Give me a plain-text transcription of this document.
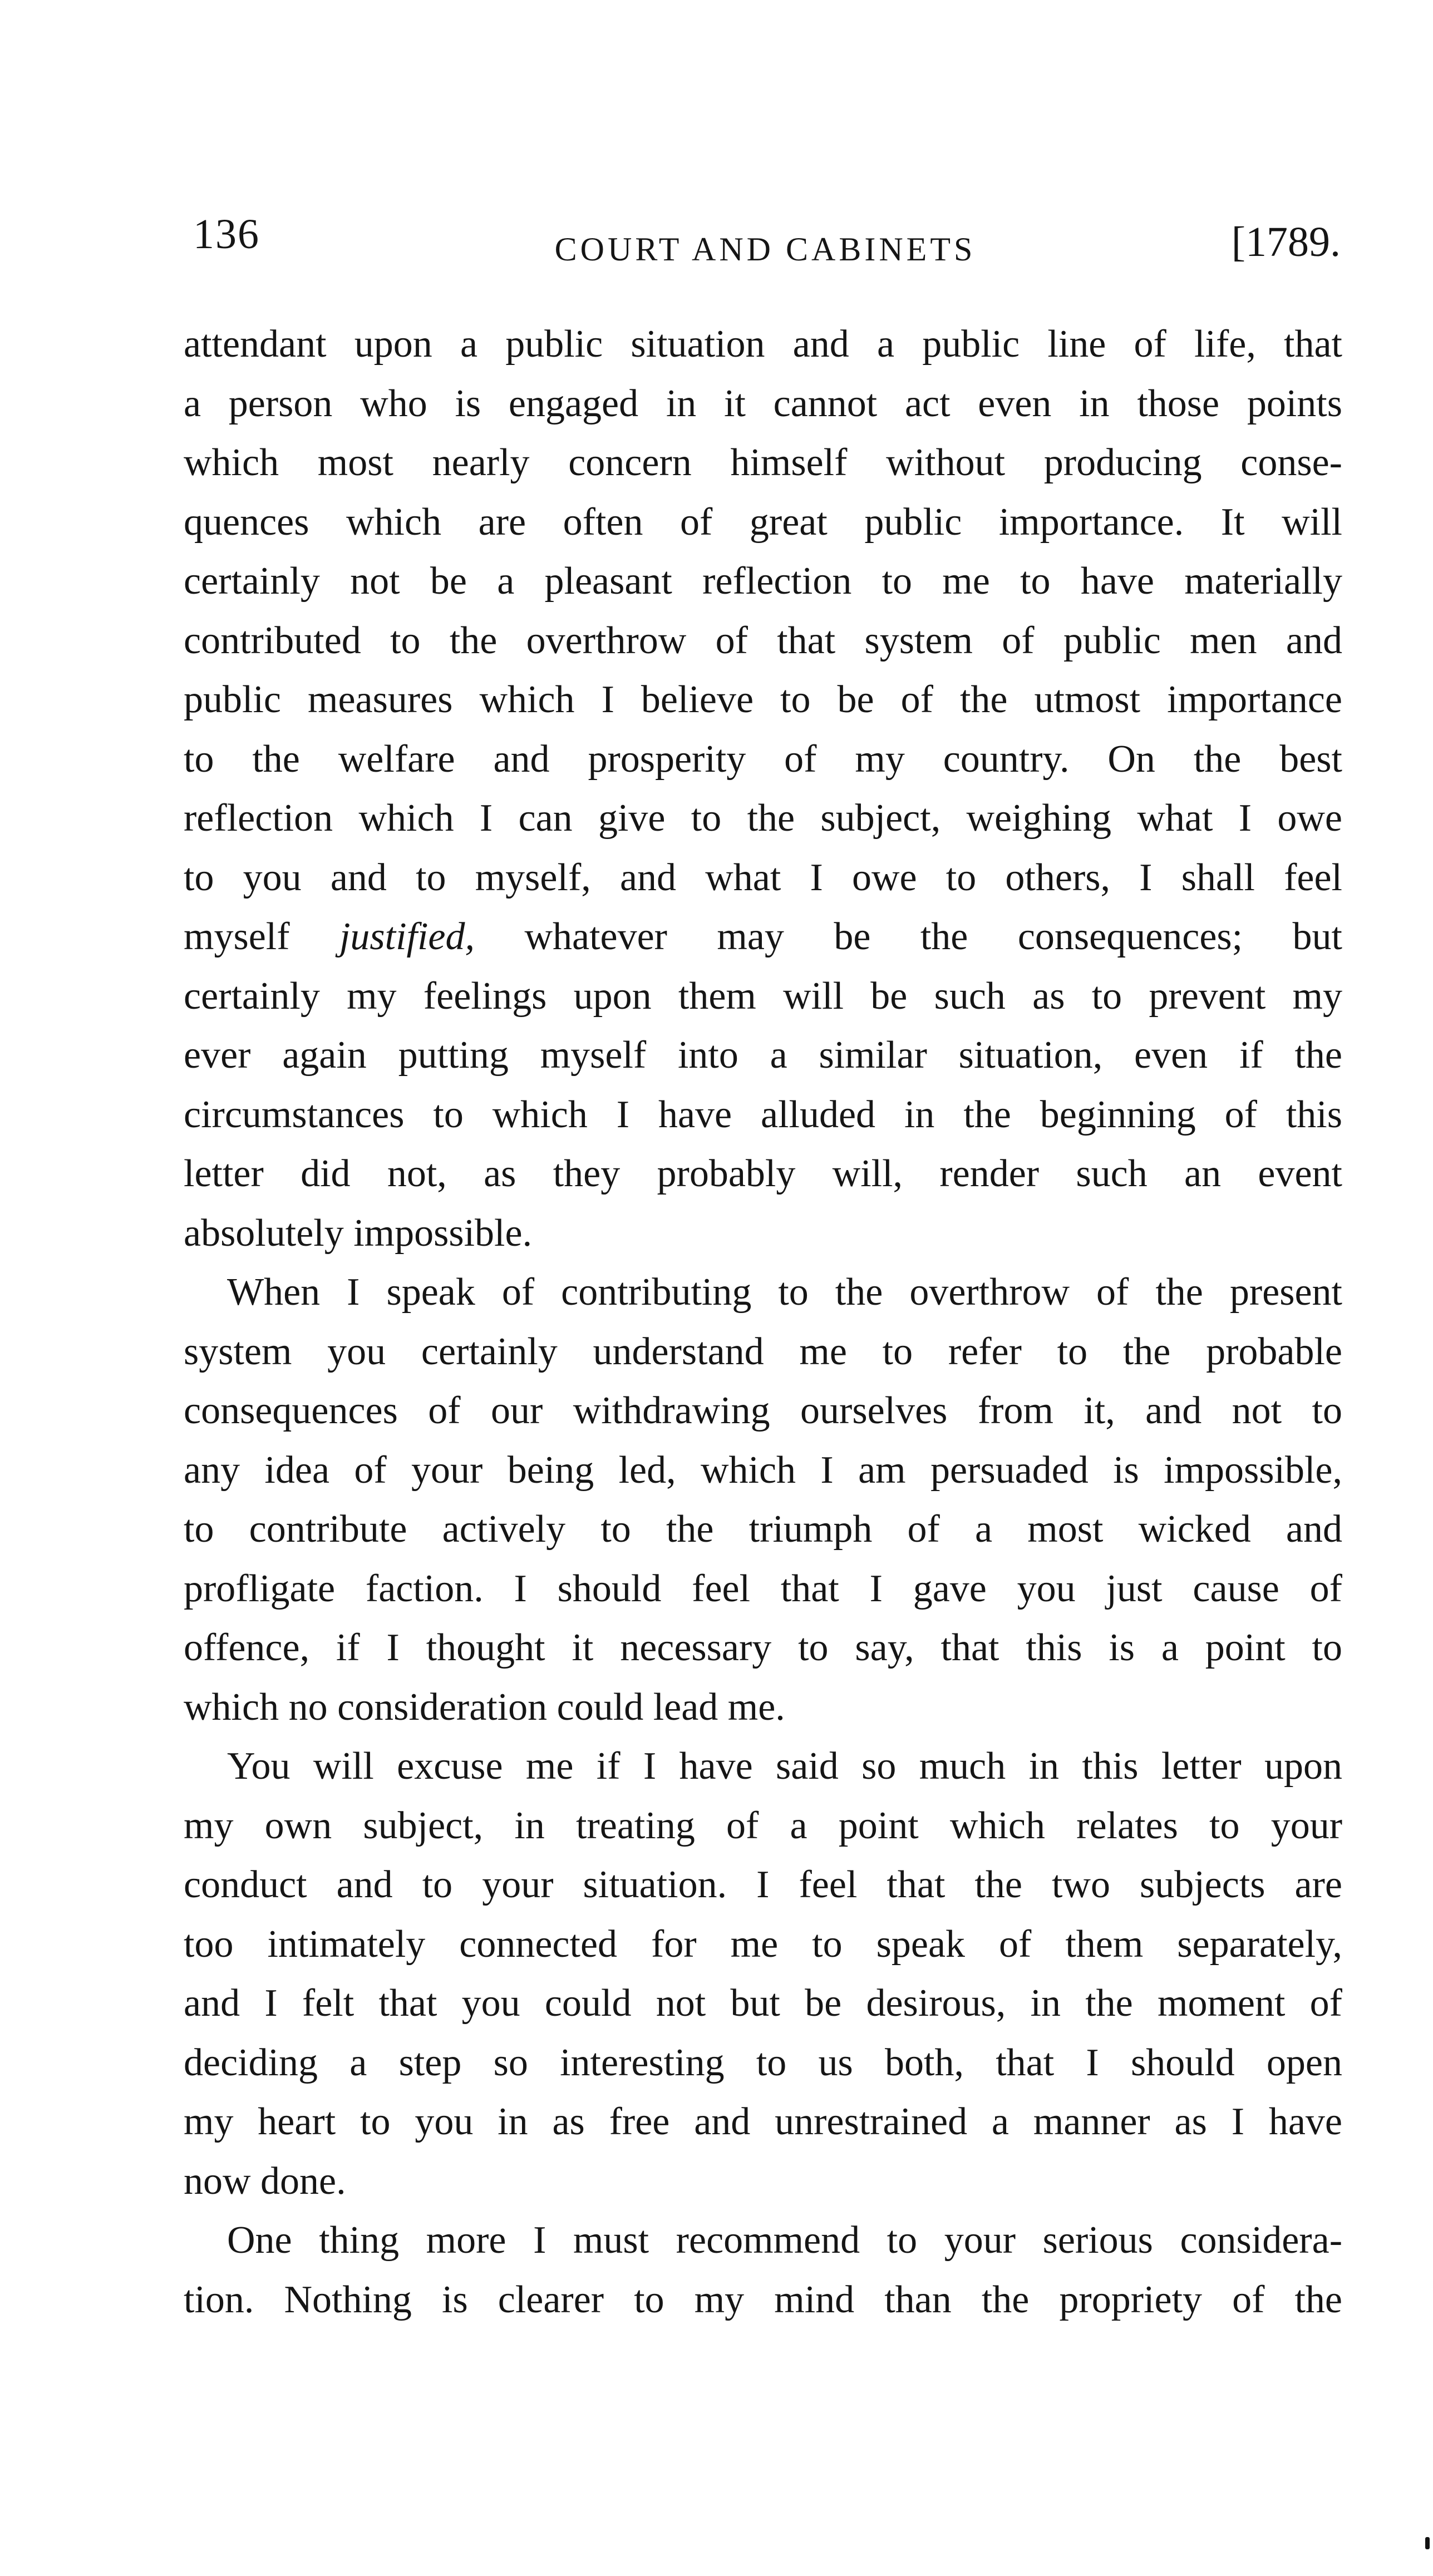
136	COURT AND CABINETS	[1789.
attendant upon a public situation and a public line of life, that
a person who is engaged in it cannot act even in those points
which most nearly concern himself without producing conse-
quences which are often of great public importance. It will
certainly not be a pleasant reflection to me to have materially
contributed to the overthrow of that system of public men and
public measures which I believe to be of the utmost importance
to the welfare and prosperity of my country. On the best
reflection which I can give to the subject, weighing what I owe
to you and to myself, and what I owe to others, I shall feel
myself justified, whatever may be the consequences; but
certainly my feelings upon them will be such as to prevent my
ever again putting myself into a similar situation, even if the
circumstances to which I have alluded in the beginning of this
letter did not, as they probably will, render such an event
absolutely impossible.
When I speak of contributing to the overthrow of the present
system you certainly understand me to refer to the probable
consequences of our withdrawing ourselves from it, and not to
any idea of your being led, which I am persuaded is impossible,
to contribute actively to the triumph of a most wicked and
profligate faction. I should feel that I gave you just cause of
offence, if I thought it necessary to say, that this is a point to
which no consideration could lead me.
You will excuse me if I have said so much in this letter upon
my own subject, in treating of a point which relates to your
conduct and to your situation. I feel that the two subjects are
too intimately connected for me to speak of them separately,
and I felt that you could not but be desirous, in the moment of
deciding a step so interesting to us both, that I should open
my heart to you in as free and unrestrained a manner as I have
now done.
One thing more I must recommend to your serious considera-
tion. Nothing is clearer to my mind than the propriety of the
